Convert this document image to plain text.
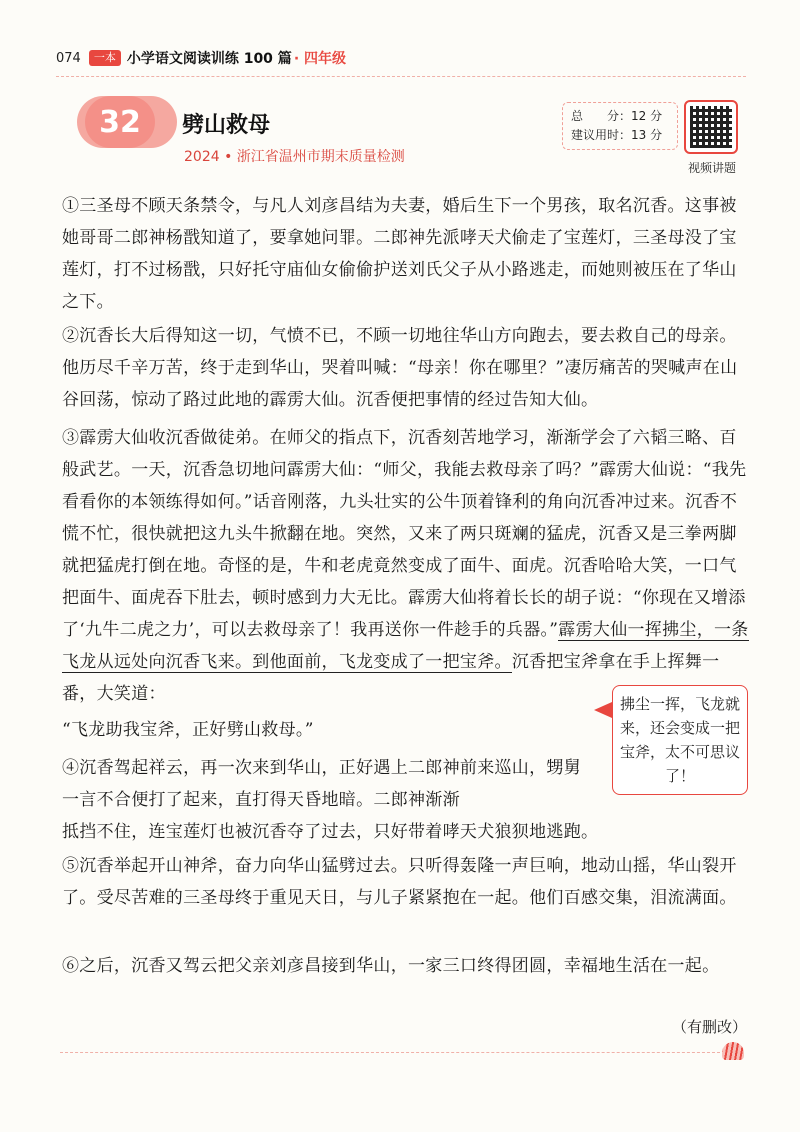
074	一本 小学语文阅读训练 100 篇 · 四年级
32	劈山救母
2024 • 浙江省温州市期末质量检测
总　　分：12 分
建议用时：13 分
视频讲题

①三圣母不顾天条禁令，与凡人刘彦昌结为夫妻，婚后生下一个男孩，取名沉香。这事被她哥哥二郎神杨戬知道了，要拿她问罪。二郎神先派哮天犬偷走了宝莲灯，三圣母没了宝莲灯，打不过杨戬，只好托守庙仙女偷偷护送刘氏父子从小路逃走，而她则被压在了华山之下。

②沉香长大后得知这一切，气愤不已，不顾一切地往华山方向跑去，要去救自己的母亲。他历尽千辛万苦，终于走到华山，哭着叫喊：“母亲！你在哪里？”凄厉痛苦的哭喊声在山谷回荡，惊动了路过此地的霹雳大仙。沉香便把事情的经过告知大仙。

③霹雳大仙收沉香做徒弟。在师父的指点下，沉香刻苦地学习，渐渐学会了六韬三略、百般武艺。一天，沉香急切地问霹雳大仙：“师父，我能去救母亲了吗？”霹雳大仙说：“我先看看你的本领练得如何。”话音刚落，九头壮实的公牛顶着锋利的角向沉香冲过来。沉香不慌不忙，很快就把这九头牛掀翻在地。突然，又来了两只斑斓的猛虎，沉香又是三拳两脚就把猛虎打倒在地。奇怪的是，牛和老虎竟然变成了面牛、面虎。沉香哈哈大笑，一口气把面牛、面虎吞下肚去，顿时感到力大无比。霹雳大仙将着长长的胡子说：“你现在又增添了‘九牛二虎之力’，可以去救母亲了！我再送你一件趁手的兵器。”霹雳大仙一挥拂尘，一条飞龙从远处向沉香飞来。到他面前，飞龙变成了一把宝斧。沉香把宝斧拿在手上挥舞一番，大笑道：

“飞龙助我宝斧，正好劈山救母。”

拂尘一挥，飞龙就来，还会变成一把宝斧，太不可思议了！

④沉香驾起祥云，再一次来到华山，正好遇上二郎神前来巡山，甥舅一言不合便打了起来，直打得天昏地暗。二郎神渐渐

抵挡不住，连宝莲灯也被沉香夺了过去，只好带着哮天犬狼狈地逃跑。

⑤沉香举起开山神斧，奋力向华山猛劈过去。只听得轰隆一声巨响，地动山摇，华山裂开了。受尽苦难的三圣母终于重见天日，与儿子紧紧抱在一起。他们百感交集，泪流满面。

⑥之后，沉香又驾云把父亲刘彦昌接到华山，一家三口终得团圆，幸福地生活在一起。

（有删改）
